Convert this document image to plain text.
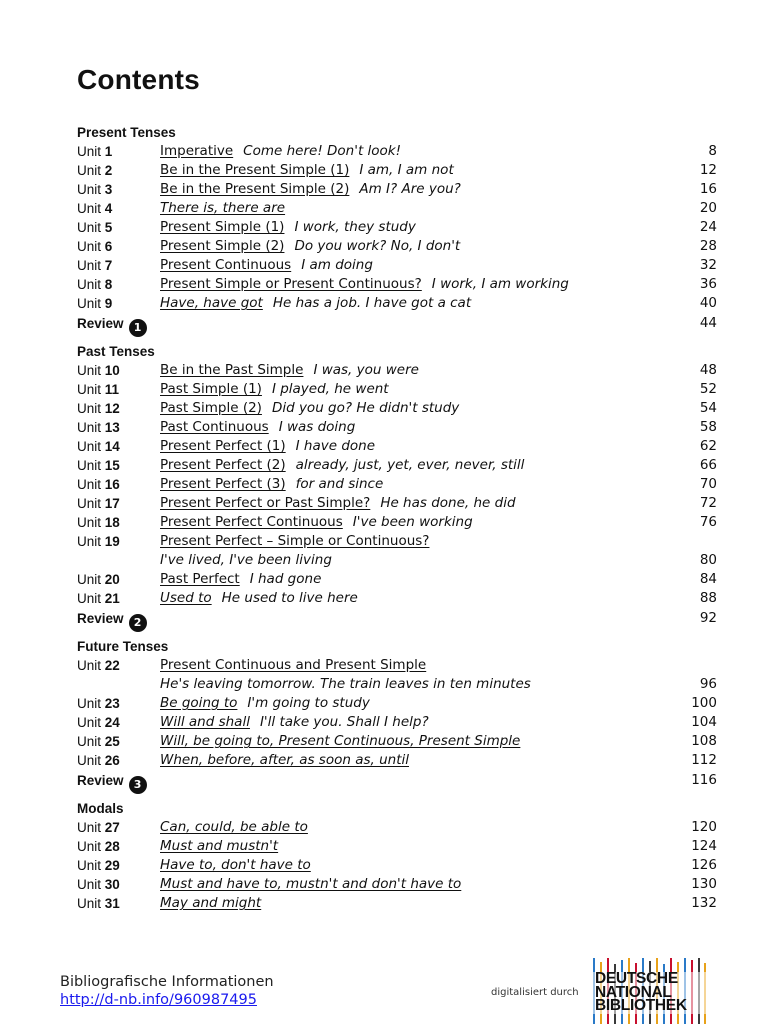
Contents
Present Tenses
Unit 1	Imperative Come here! Don't look!	8
Unit 2	Be in the Present Simple (1) I am, I am not	12
Unit 3	Be in the Present Simple (2) Am I? Are you?	16
Unit 4	There is, there are	20
Unit 5	Present Simple (1) I work, they study	24
Unit 6	Present Simple (2) Do you work? No, I don't	28
Unit 7	Present Continuous I am doing	32
Unit 8	Present Simple or Present Continuous? I work, I am working	36
Unit 9	Have, have got He has a job. I have got a cat	40
Review 1	44
Past Tenses
Unit 10	Be in the Past Simple I was, you were	48
Unit 11	Past Simple (1) I played, he went	52
Unit 12	Past Simple (2) Did you go? He didn't study	54
Unit 13	Past Continuous I was doing	58
Unit 14	Present Perfect (1) I have done	62
Unit 15	Present Perfect (2) already, just, yet, ever, never, still	66
Unit 16	Present Perfect (3) for and since	70
Unit 17	Present Perfect or Past Simple? He has done, he did	72
Unit 18	Present Perfect Continuous I've been working	76
Unit 19	Present Perfect – Simple or Continuous?
I've lived, I've been living	80
Unit 20	Past Perfect I had gone	84
Unit 21	Used to He used to live here	88
Review 2	92
Future Tenses
Unit 22	Present Continuous and Present Simple
He's leaving tomorrow. The train leaves in ten minutes	96
Unit 23	Be going to I'm going to study	100
Unit 24	Will and shall I'll take you. Shall I help?	104
Unit 25	Will, be going to, Present Continuous, Present Simple	108
Unit 26	When, before, after, as soon as, until	112
Review 3	116
Modals
Unit 27	Can, could, be able to	120
Unit 28	Must and mustn't	124
Unit 29	Have to, don't have to	126
Unit 30	Must and have to, mustn't and don't have to	130
Unit 31	May and might	132
Bibliografische Informationen
http://d-nb.info/960987495	digitalisiert durch
DEUTSCHE
NATIONAL
BIBLIOTHEK
